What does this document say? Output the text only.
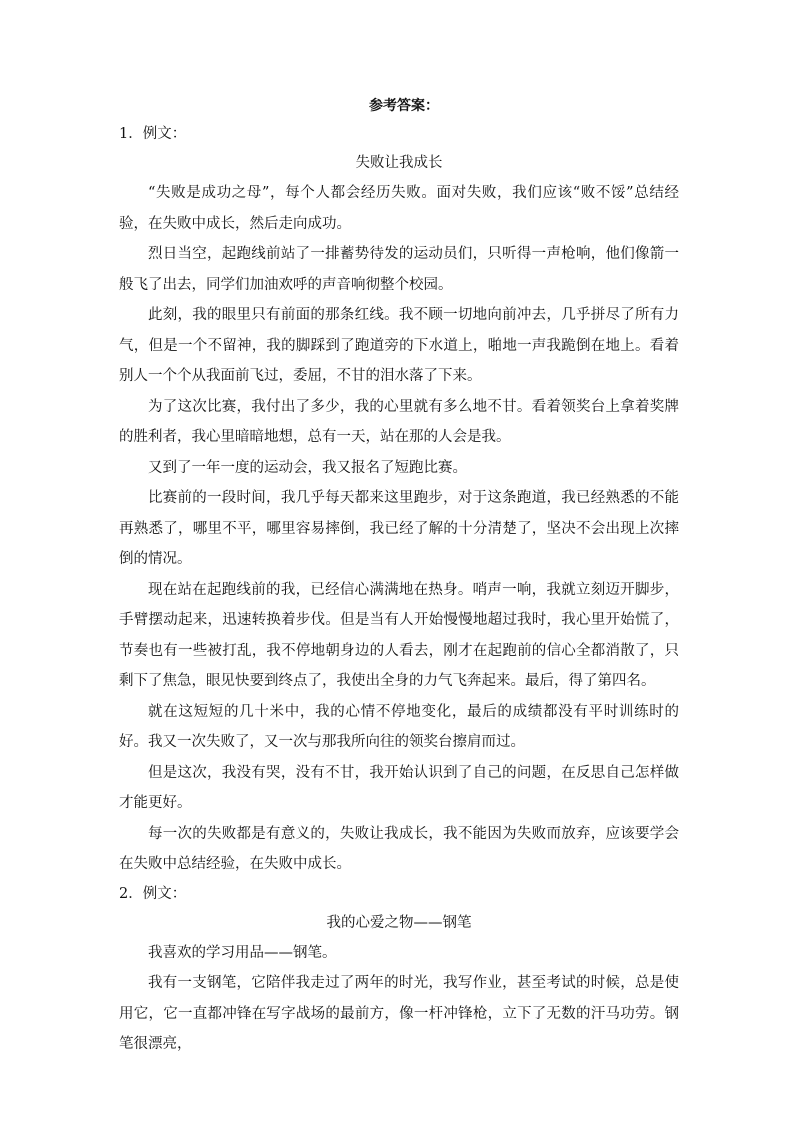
参考答案：

1．例文：

失败让我成长

“失败是成功之母”，每个人都会经历失败。面对失败，我们应该“败不馁”总结经验，在失败中成长，然后走向成功。

烈日当空，起跑线前站了一排蓄势待发的运动员们，只听得一声枪响，他们像箭一般飞了出去，同学们加油欢呼的声音响彻整个校园。

此刻，我的眼里只有前面的那条红线。我不顾一切地向前冲去，几乎拼尽了所有力气，但是一个不留神，我的脚踩到了跑道旁的下水道上，啪地一声我跪倒在地上。看着别人一个个从我面前飞过，委屈，不甘的泪水落了下来。

为了这次比赛，我付出了多少，我的心里就有多么地不甘。看着领奖台上拿着奖牌的胜利者，我心里暗暗地想，总有一天，站在那的人会是我。

又到了一年一度的运动会，我又报名了短跑比赛。

比赛前的一段时间，我几乎每天都来这里跑步，对于这条跑道，我已经熟悉的不能再熟悉了，哪里不平，哪里容易摔倒，我已经了解的十分清楚了，坚决不会出现上次摔倒的情况。

现在站在起跑线前的我，已经信心满满地在热身。哨声一响，我就立刻迈开脚步，手臂摆动起来，迅速转换着步伐。但是当有人开始慢慢地超过我时，我心里开始慌了，节奏也有一些被打乱，我不停地朝身边的人看去，刚才在起跑前的信心全都消散了，只剩下了焦急，眼见快要到终点了，我使出全身的力气飞奔起来。最后，得了第四名。

就在这短短的几十米中，我的心情不停地变化，最后的成绩都没有平时训练时的好。我又一次失败了，又一次与那我所向往的领奖台擦肩而过。

但是这次，我没有哭，没有不甘，我开始认识到了自己的问题，在反思自己怎样做才能更好。

每一次的失败都是有意义的，失败让我成长，我不能因为失败而放弃，应该要学会在失败中总结经验，在失败中成长。

2．例文：

我的心爱之物——钢笔

我喜欢的学习用品——钢笔。

我有一支钢笔，它陪伴我走过了两年的时光，我写作业，甚至考试的时候，总是使用它，它一直都冲锋在写字战场的最前方，像一杆冲锋枪，立下了无数的汗马功劳。钢笔很漂亮，
